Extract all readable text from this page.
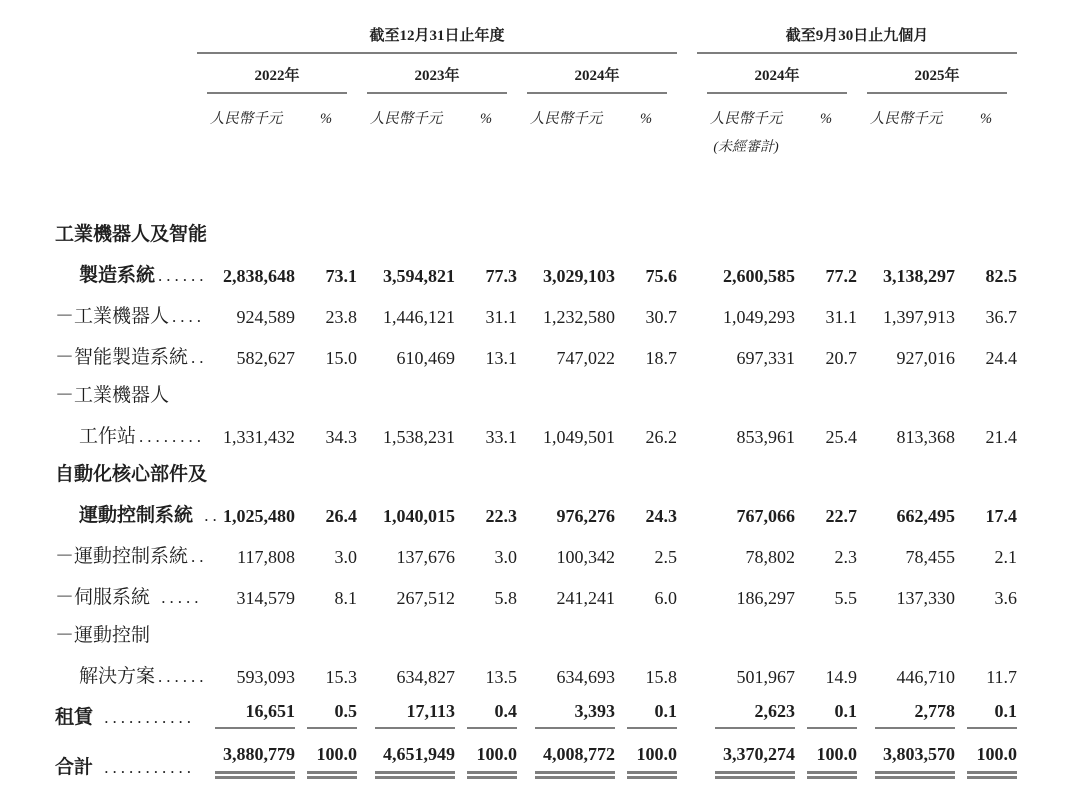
	截至12月31日止年度							截至9月30日止九個月			

	2022年		2023年		2024年			2024年		2025年	

	人民幣千元	%	人民幣千元	%	人民幣千元	%		人民幣千元	%	人民幣千元	%
								(未經審計)			

工業機器人及智能											
製造系統 ......	2,838,648	73.1	3,594,821	77.3	3,029,103	75.6		2,600,585	77.2	3,138,297	82.5

－工業機器人 ....	924,589	23.8	1,446,121	31.1	1,232,580	30.7		1,049,293	31.1	1,397,913	36.7

－智能製造系統 ..	582,627	15.0	610,469	13.1	747,022	18.7		697,331	20.7	927,016	24.4

－工業機器人											
工作站 ........	1,331,432	34.3	1,538,231	33.1	1,049,501	26.2		853,961	25.4	813,368	21.4

自動化核心部件及											
運動控制系統 ..	1,025,480	26.4	1,040,015	22.3	976,276	24.3		767,066	22.7	662,495	17.4

－運動控制系統 ..	117,808	3.0	137,676	3.0	100,342	2.5		78,802	2.3	78,455	2.1

－伺服系統 .....	314,579	8.1	267,512	5.8	241,241	6.0		186,297	5.5	137,330	3.6

－運動控制											
解決方案 ......	593,093	15.3	634,827	13.5	634,693	15.8		501,967	14.9	446,710	11.7

租賃 ...........	16,651	0.5	17,113	0.4	3,393	0.1		2,623	0.1	2,778	0.1

合計 ...........	3,880,779	100.0	4,651,949	100.0	4,008,772	100.0		3,370,274	100.0	3,803,570	100.0
